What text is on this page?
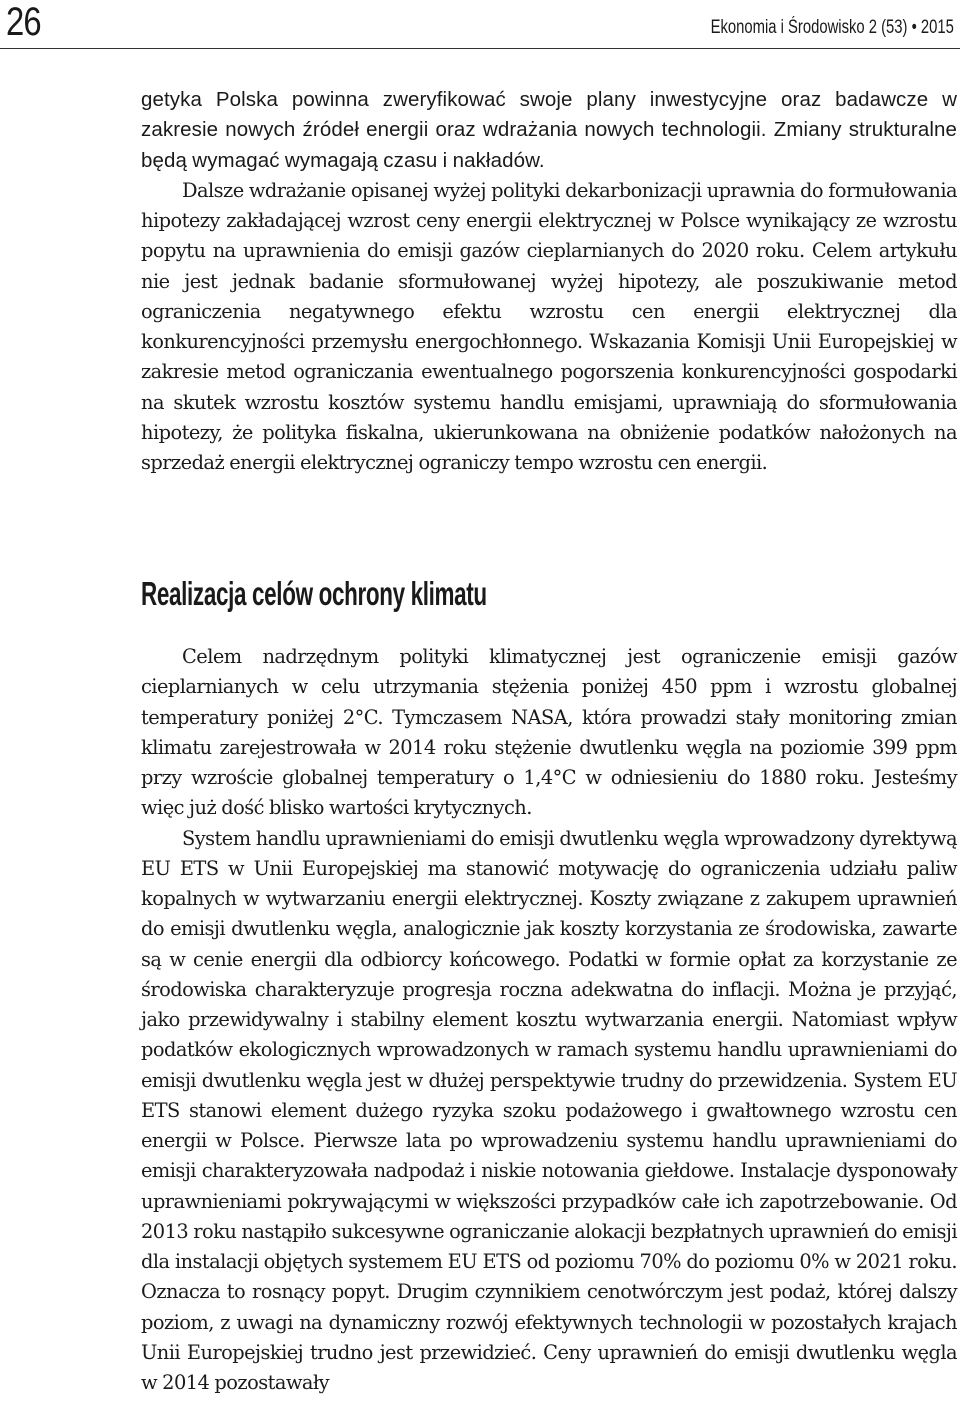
26	Ekonomia i Środowisko 2 (53) • 2015

getyka Polska powinna zweryfikować swoje plany inwestycyjne oraz badawcze w zakresie nowych źródeł energii oraz wdrażania nowych technologii. Zmiany strukturalne będą wymagać wymagają czasu i nakładów.

Dalsze wdrażanie opisanej wyżej polityki dekarbonizacji uprawnia do formułowania hipotezy zakładającej wzrost ceny energii elektrycznej w Polsce wynikający ze wzrostu popytu na uprawnienia do emisji gazów cieplarnianych do 2020 roku. Celem artykułu nie jest jednak badanie sformułowanej wyżej hipotezy, ale poszukiwanie metod ograniczenia negatywnego efektu wzrostu cen energii elektrycznej dla konkurencyjności przemysłu energochłonnego. Wskazania Komisji Unii Europejskiej w zakresie metod ograniczania ewentualnego pogorszenia konkurencyjności gospodarki na skutek wzrostu kosztów systemu handlu emisjami, uprawniają do sformułowania hipotezy, że polityka fiskalna, ukierunkowana na obniżenie podatków nałożonych na sprzedaż energii elektrycznej ograniczy tempo wzrostu cen energii.

Realizacja celów ochrony klimatu

Celem nadrzędnym polityki klimatycznej jest ograniczenie emisji gazów cieplarnianych w celu utrzymania stężenia poniżej 450 ppm i wzrostu globalnej temperatury poniżej 2°C. Tymczasem NASA, która prowadzi stały monitoring zmian klimatu zarejestrowała w 2014 roku stężenie dwutlenku węgla na poziomie 399 ppm przy wzroście globalnej temperatury o 1,4°C w odniesieniu do 1880 roku. Jesteśmy więc już dość blisko wartości krytycznych.

System handlu uprawnieniami do emisji dwutlenku węgla wprowadzony dyrektywą EU ETS w Unii Europejskiej ma stanowić motywację do ograniczenia udziału paliw kopalnych w wytwarzaniu energii elektrycznej. Koszty związane z zakupem uprawnień do emisji dwutlenku węgla, analogicznie jak koszty korzystania ze środowiska, zawarte są w cenie energii dla odbiorcy końcowego. Podatki w formie opłat za korzystanie ze środowiska charakteryzuje progresja roczna adekwatna do inflacji. Można je przyjąć, jako przewidywalny i stabilny element kosztu wytwarzania energii. Natomiast wpływ podatków ekologicznych wprowadzonych w ramach systemu handlu uprawnieniami do emisji dwutlenku węgla jest w dłużej perspektywie trudny do przewidzenia. System EU ETS stanowi element dużego ryzyka szoku podażowego i gwałtownego wzrostu cen energii w Polsce. Pierwsze lata po wprowadzeniu systemu handlu uprawnieniami do emisji charakteryzowała nadpodaż i niskie notowania giełdowe. Instalacje dysponowały uprawnieniami pokrywającymi w większości przypadków całe ich zapotrzebowanie. Od 2013 roku nastąpiło sukcesywne ograniczanie alokacji bezpłatnych uprawnień do emisji dla instalacji objętych systemem EU ETS od poziomu 70% do poziomu 0% w 2021 roku. Oznacza to rosnący popyt. Drugim czynnikiem cenotwórczym jest podaż, której dalszy poziom, z uwagi na dynamiczny rozwój efektywnych technologii w pozostałych krajach Unii Europejskiej trudno jest przewidzieć. Ceny uprawnień do emisji dwutlenku węgla w 2014 pozostawały
